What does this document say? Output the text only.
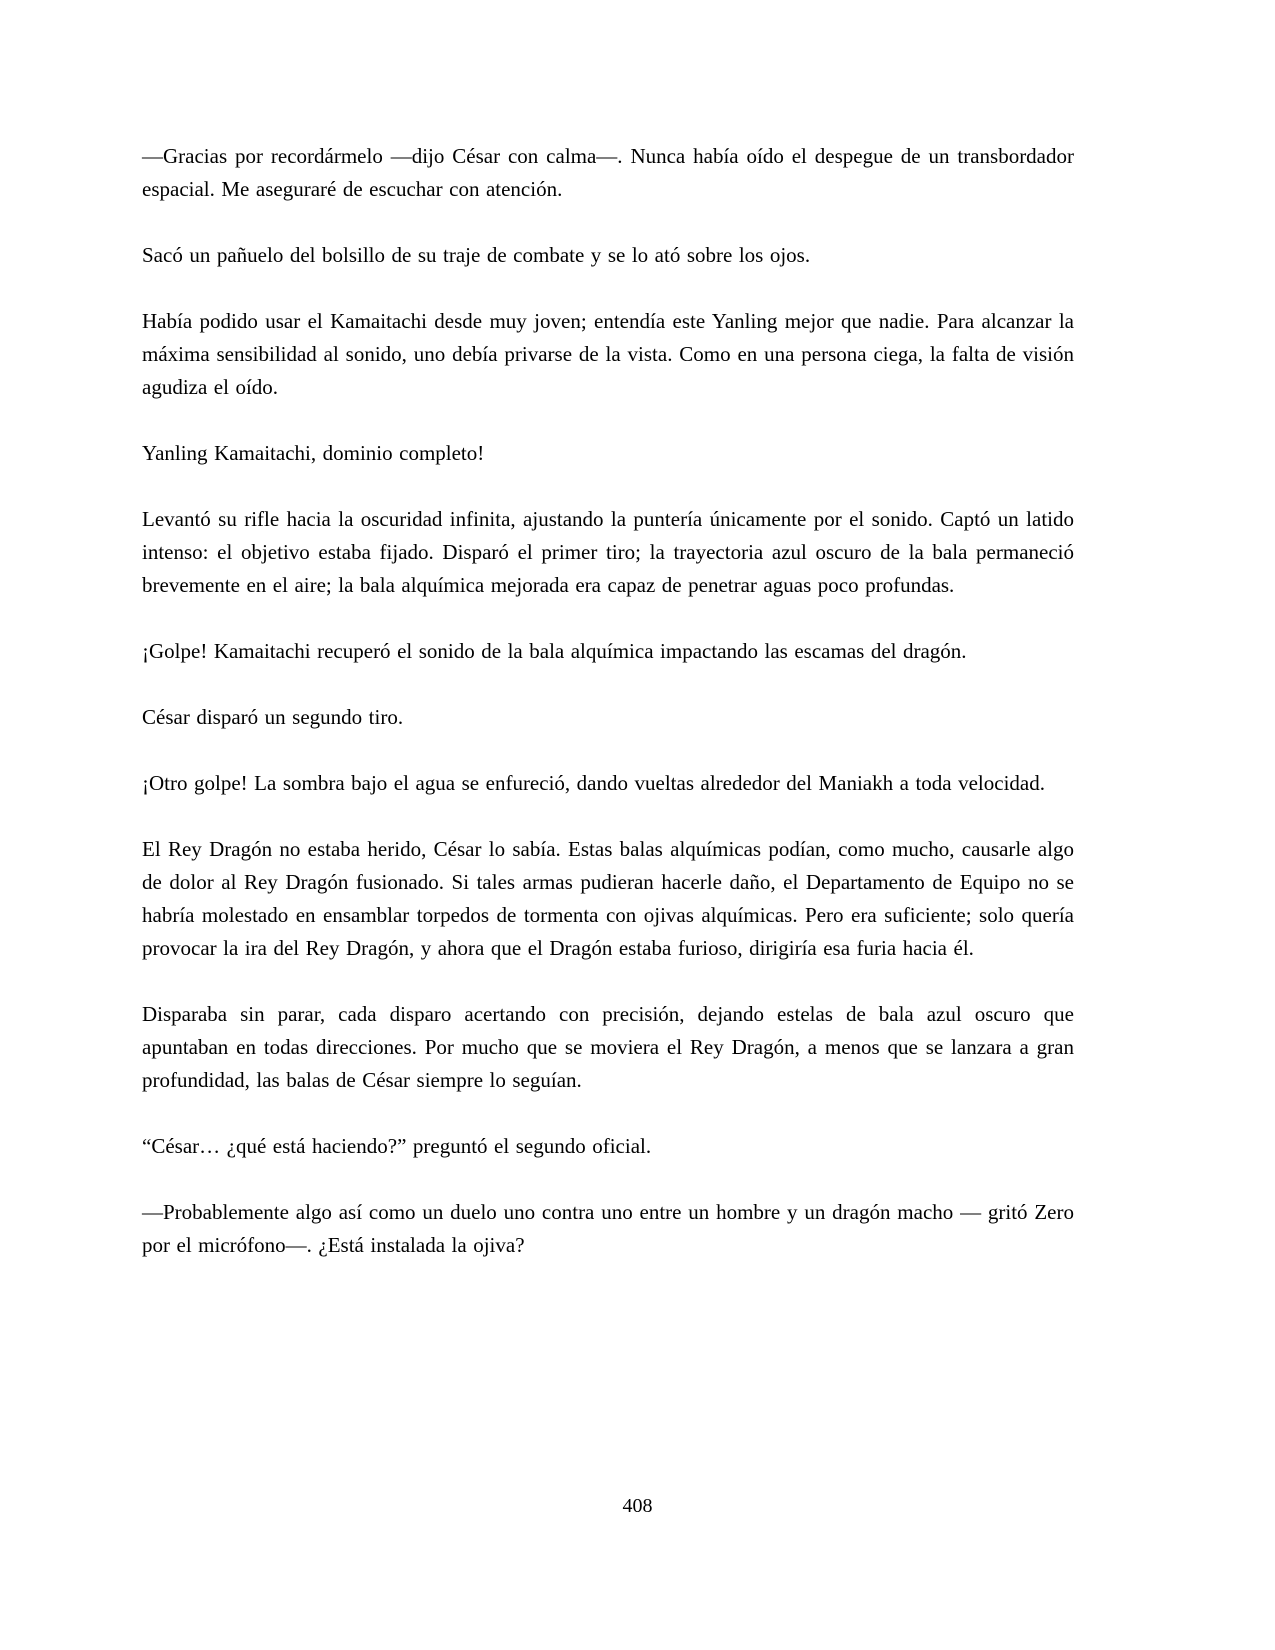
—Gracias por recordármelo —dijo César con calma—. Nunca había oído el despegue de un transbordador espacial. Me aseguraré de escuchar con atención.

Sacó un pañuelo del bolsillo de su traje de combate y se lo ató sobre los ojos.

Había podido usar el Kamaitachi desde muy joven; entendía este Yanling mejor que nadie. Para alcanzar la máxima sensibilidad al sonido, uno debía privarse de la vista. Como en una persona ciega, la falta de visión agudiza el oído.

Yanling Kamaitachi, dominio completo!

Levantó su rifle hacia la oscuridad infinita, ajustando la puntería únicamente por el sonido. Captó un latido intenso: el objetivo estaba fijado. Disparó el primer tiro; la trayectoria azul oscuro de la bala permaneció brevemente en el aire; la bala alquímica mejorada era capaz de penetrar aguas poco profundas.

¡Golpe! Kamaitachi recuperó el sonido de la bala alquímica impactando las escamas del dragón.

César disparó un segundo tiro.

¡Otro golpe! La sombra bajo el agua se enfureció, dando vueltas alrededor del Maniakh a toda velocidad.

El Rey Dragón no estaba herido, César lo sabía. Estas balas alquímicas podían, como mucho, causarle algo de dolor al Rey Dragón fusionado. Si tales armas pudieran hacerle daño, el Departamento de Equipo no se habría molestado en ensamblar torpedos de tormenta con ojivas alquímicas. Pero era suficiente; solo quería provocar la ira del Rey Dragón, y ahora que el Dragón estaba furioso, dirigiría esa furia hacia él.

Disparaba sin parar, cada disparo acertando con precisión, dejando estelas de bala azul oscuro que apuntaban en todas direcciones. Por mucho que se moviera el Rey Dragón, a menos que se lanzara a gran profundidad, las balas de César siempre lo seguían.

“César… ¿qué está haciendo?” preguntó el segundo oficial.

—Probablemente algo así como un duelo uno contra uno entre un hombre y un dragón macho — gritó Zero por el micrófono—. ¿Está instalada la ojiva?

408
